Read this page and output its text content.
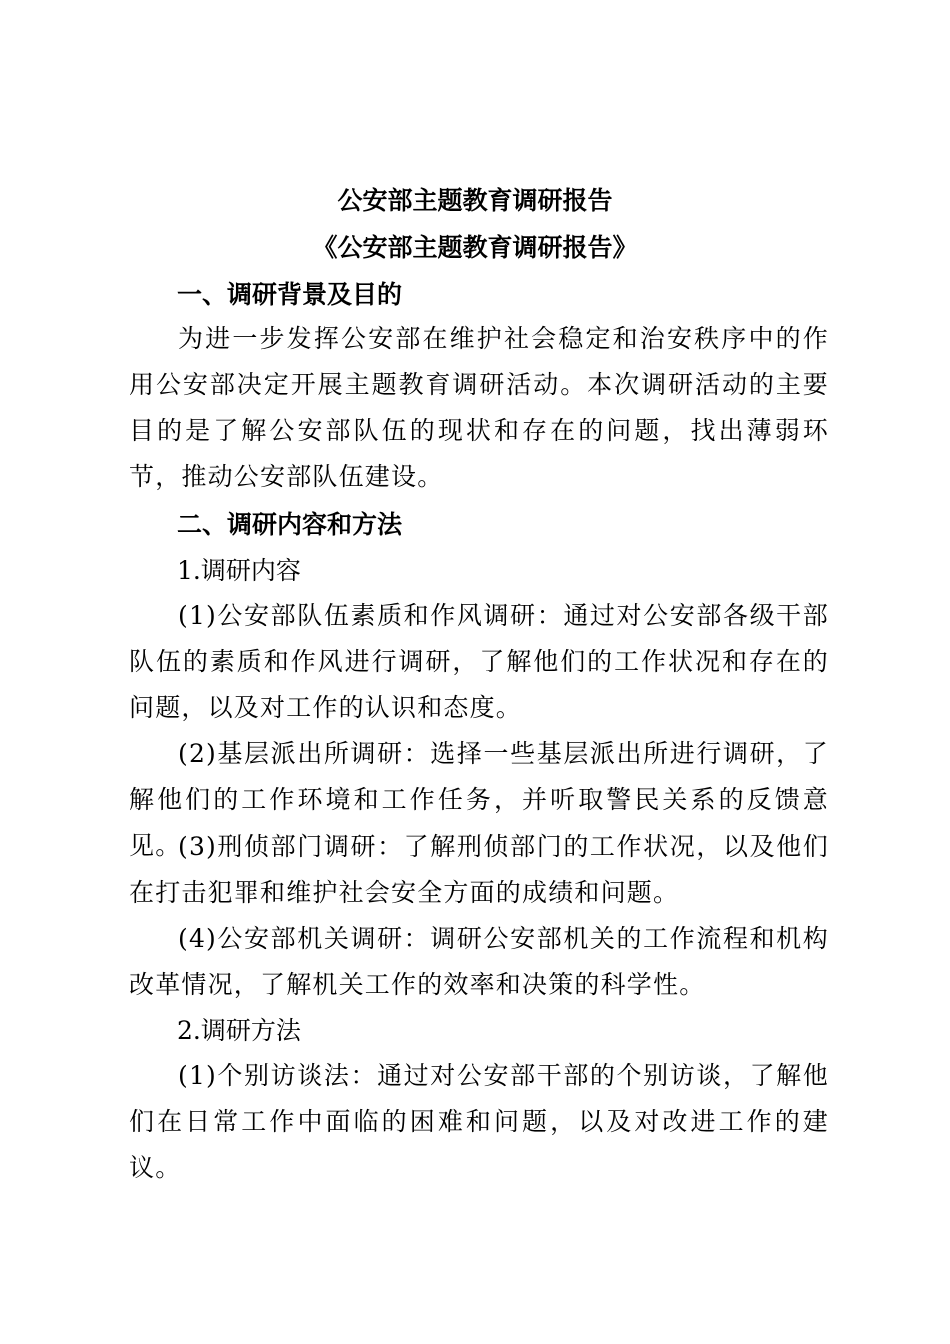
公安部主题教育调研报告
《公安部主题教育调研报告》
一、调研背景及目的

为进一步发挥公安部在维护社会稳定和治安秩序中的作用公安部决定开展主题教育调研活动。本次调研活动的主要目的是了解公安部队伍的现状和存在的问题，找出薄弱环节，推动公安部队伍建设。

二、调研内容和方法
1.调研内容

(1)公安部队伍素质和作风调研：通过对公安部各级干部队伍的素质和作风进行调研，了解他们的工作状况和存在的问题，以及对工作的认识和态度。

(2)基层派出所调研：选择一些基层派出所进行调研，了解他们的工作环境和工作任务，并听取警民关系的反馈意见。

(3)刑侦部门调研：了解刑侦部门的工作状况，以及他们在打击犯罪和维护社会安全方面的成绩和问题。

(4)公安部机关调研：调研公安部机关的工作流程和机构改革情况，了解机关工作的效率和决策的科学性。

2.调研方法

(1)个别访谈法：通过对公安部干部的个别访谈，了解他们在日常工作中面临的困难和问题，以及对改进工作的建议。
